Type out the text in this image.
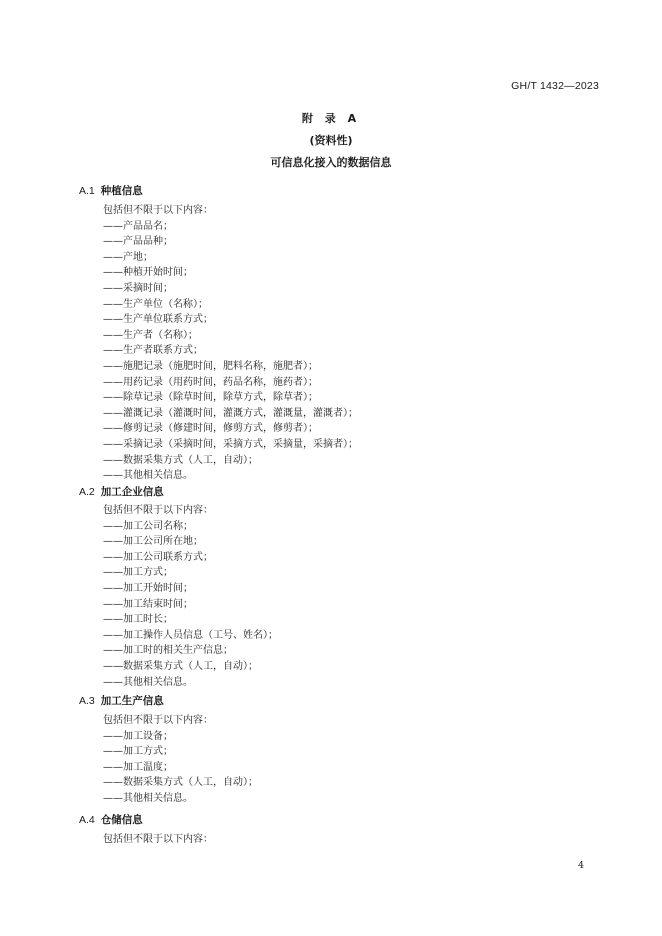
GH/T 1432—2023
附 录 A
(资料性)
可信息化接入的数据信息
A.1 种植信息
包括但不限于以下内容：
——产品品名；
——产品品种；
——产地；
——种植开始时间；
——采摘时间；
——生产单位（名称）；
——生产单位联系方式；
——生产者（名称）；
——生产者联系方式；
——施肥记录（施肥时间，肥料名称，施肥者）；
——用药记录（用药时间，药品名称，施药者）；
——除草记录（除草时间，除草方式，除草者）；
——灌溉记录（灌溉时间，灌溉方式，灌溉量，灌溉者）；
——修剪记录（修建时间，修剪方式，修剪者）；
——采摘记录（采摘时间，采摘方式，采摘量，采摘者）；
——数据采集方式（人工，自动）；
——其他相关信息。
A.2 加工企业信息
包括但不限于以下内容：
——加工公司名称；
——加工公司所在地；
——加工公司联系方式；
——加工方式；
——加工开始时间；
——加工结束时间；
——加工时长；
——加工操作人员信息（工号、姓名）；
——加工时的相关生产信息；
——数据采集方式（人工，自动）；
——其他相关信息。
A.3 加工生产信息
包括但不限于以下内容：
——加工设备；
——加工方式；
——加工温度；
——数据采集方式（人工，自动）；
——其他相关信息。
A.4 仓储信息
包括但不限于以下内容：
4
